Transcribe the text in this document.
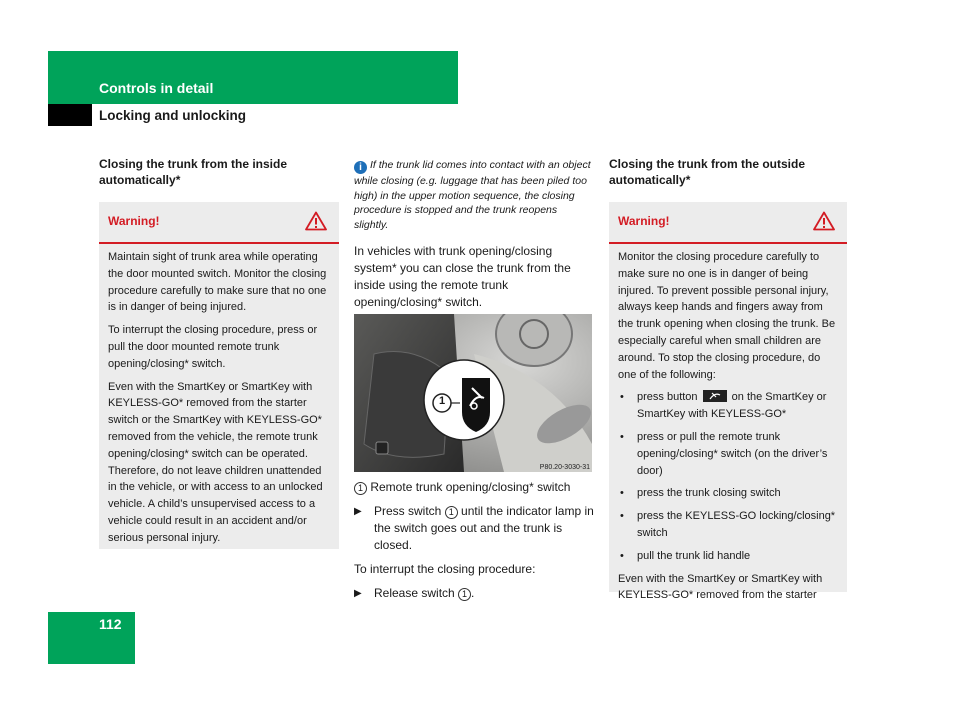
Controls in detail
Locking and unlocking

Closing the trunk from the inside automatically*

Warning!

Maintain sight of trunk area while operating the door mounted switch. Monitor the closing procedure carefully to make sure that no one is in danger of being injured.

To interrupt the closing procedure, press or pull the door mounted remote trunk opening/closing* switch.

Even with the SmartKey or SmartKey with KEYLESS-GO* removed from the starter switch or the SmartKey with KEYLESS-GO* removed from the vehicle, the remote trunk opening/closing* switch can be operated. Therefore, do not leave children unattended in the vehicle, or with access to an unlocked vehicle. A child’s unsupervised access to a vehicle could result in an accident and/or serious personal injury.

i If the trunk lid comes into contact with an object while closing (e.g. luggage that has been piled too high) in the upper motion sequence, the closing procedure is stopped and the trunk reopens slightly.

In vehicles with trunk opening/closing system* you can close the trunk from the inside using the remote trunk opening/closing* switch.

1
P80.20-3030-31

1 Remote trunk opening/closing* switch

▶ Press switch 1 until the indicator lamp in the switch goes out and the trunk is closed.

To interrupt the closing procedure:

▶ Release switch 1 .

Closing the trunk from the outside automatically*

Warning!

Monitor the closing procedure carefully to make sure no one is in danger of being injured. To prevent possible personal injury, always keep hands and fingers away from the trunk opening when closing the trunk. Be especially careful when small children are around. To stop the closing procedure, do one of the following:

• press button	on the SmartKey or SmartKey with KEYLESS-GO*

• press or pull the remote trunk opening/closing* switch (on the driver’s door)

• press the trunk closing switch

• press the KEYLESS-GO locking/closing* switch

• pull the trunk lid handle

Even with the SmartKey or SmartKey with KEYLESS-GO* removed from the starter

112
